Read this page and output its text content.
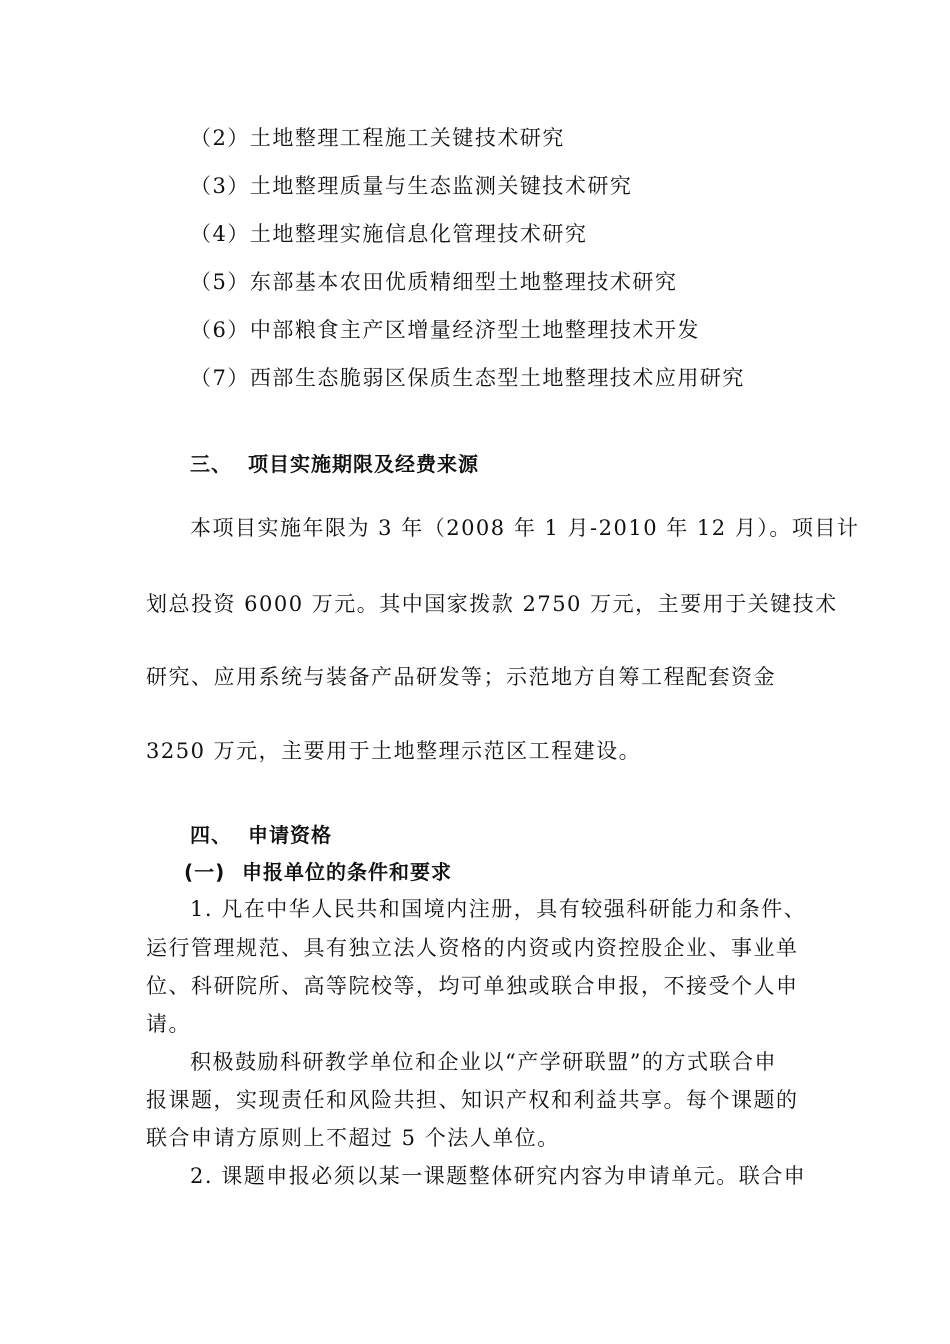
（2）土地整理工程施工关键技术研究
（3）土地整理质量与生态监测关键技术研究
（4）土地整理实施信息化管理技术研究
（5）东部基本农田优质精细型土地整理技术研究
（6）中部粮食主产区增量经济型土地整理技术开发
（7）西部生态脆弱区保质生态型土地整理技术应用研究
三、 项目实施期限及经费来源
本项目实施年限为 3 年（2008 年 1 月-2010 年 12 月）。项目计
划总投资 6000 万元。其中国家拨款 2750 万元，主要用于关键技术
研究、应用系统与装备产品研发等；示范地方自筹工程配套资金
3250 万元，主要用于土地整理示范区工程建设。
四、 申请资格
(一) 申报单位的条件和要求
1. 凡在中华人民共和国境内注册，具有较强科研能力和条件、
运行管理规范、具有独立法人资格的内资或内资控股企业、事业单
位、科研院所、高等院校等，均可单独或联合申报，不接受个人申
请。
积极鼓励科研教学单位和企业以“产学研联盟”的方式联合申
报课题，实现责任和风险共担、知识产权和利益共享。每个课题的
联合申请方原则上不超过 5 个法人单位。
2. 课题申报必须以某一课题整体研究内容为申请单元。联合申
